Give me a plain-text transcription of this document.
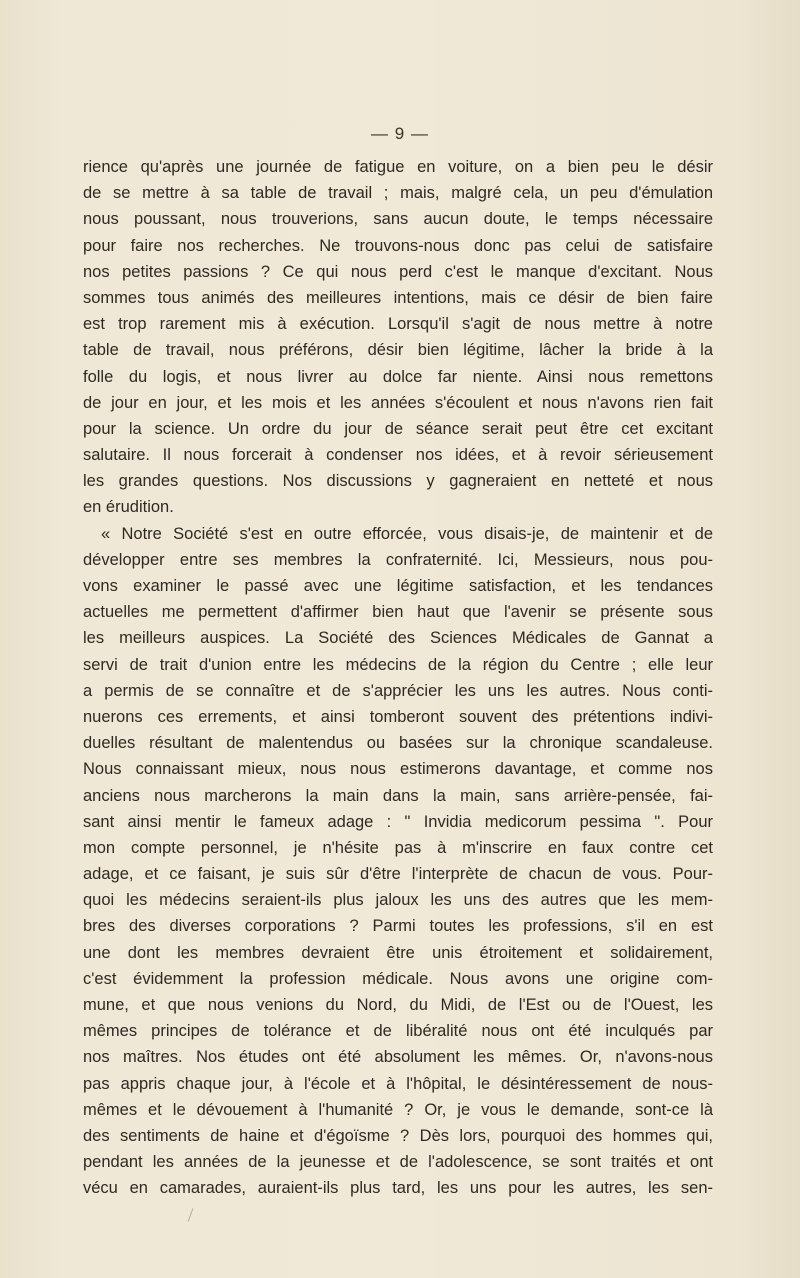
— 9 —
rience qu'après une journée de fatigue en voiture, on a bien peu le désir
de se mettre à sa table de travail ; mais, malgré cela, un peu d'émulation
nous poussant, nous trouverions, sans aucun doute, le temps nécessaire
pour faire nos recherches. Ne trouvons-nous donc pas celui de satisfaire
nos petites passions ? Ce qui nous perd c'est le manque d'excitant. Nous
sommes tous animés des meilleures intentions, mais ce désir de bien faire
est trop rarement mis à exécution. Lorsqu'il s'agit de nous mettre à notre
table de travail, nous préférons, désir bien légitime, lâcher la bride à la
folle du logis, et nous livrer au dolce far niente. Ainsi nous remettons
de jour en jour, et les mois et les années s'écoulent et nous n'avons rien fait
pour la science. Un ordre du jour de séance serait peut être cet excitant
salutaire. Il nous forcerait à condenser nos idées, et à revoir sérieusement
les grandes questions. Nos discussions y gagneraient en netteté et nous
en érudition.
« Notre Société s'est en outre efforcée, vous disais-je, de maintenir et de
développer entre ses membres la confraternité. Ici, Messieurs, nous pou-
vons examiner le passé avec une légitime satisfaction, et les tendances
actuelles me permettent d'affirmer bien haut que l'avenir se présente sous
les meilleurs auspices. La Société des Sciences Médicales de Gannat a
servi de trait d'union entre les médecins de la région du Centre ; elle leur
a permis de se connaître et de s'apprécier les uns les autres. Nous conti-
nuerons ces errements, et ainsi tomberont souvent des prétentions indivi-
duelles résultant de malentendus ou basées sur la chronique scandaleuse.
Nous connaissant mieux, nous nous estimerons davantage, et comme nos
anciens nous marcherons la main dans la main, sans arrière-pensée, fai-
sant ainsi mentir le fameux adage : " Invidia medicorum pessima ". Pour
mon compte personnel, je n'hésite pas à m'inscrire en faux contre cet
adage, et ce faisant, je suis sûr d'être l'interprète de chacun de vous. Pour-
quoi les médecins seraient-ils plus jaloux les uns des autres que les mem-
bres des diverses corporations ? Parmi toutes les professions, s'il en est
une dont les membres devraient être unis étroitement et solidairement,
c'est évidemment la profession médicale. Nous avons une origine com-
mune, et que nous venions du Nord, du Midi, de l'Est ou de l'Ouest, les
mêmes principes de tolérance et de libéralité nous ont été inculqués par
nos maîtres. Nos études ont été absolument les mêmes. Or, n'avons-nous
pas appris chaque jour, à l'école et à l'hôpital, le désintéressement de nous-
mêmes et le dévouement à l'humanité ? Or, je vous le demande, sont-ce là
des sentiments de haine et d'égoïsme ? Dès lors, pourquoi des hommes qui,
pendant les années de la jeunesse et de l'adolescence, se sont traités et ont
vécu en camarades, auraient-ils plus tard, les uns pour les autres, les sen-
